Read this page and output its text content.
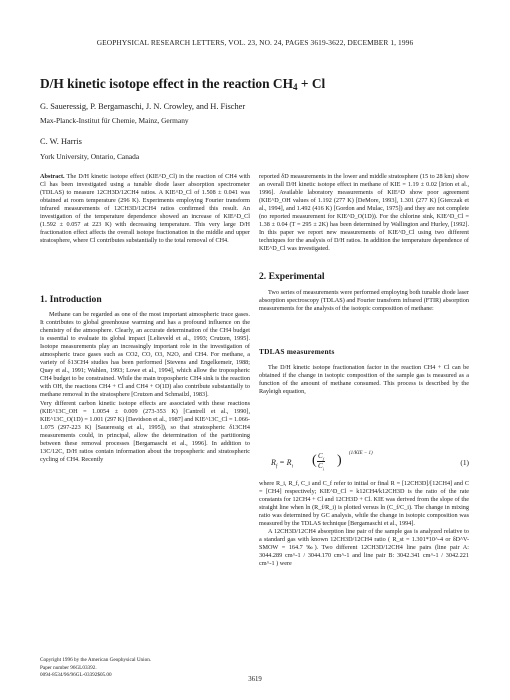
GEOPHYSICAL RESEARCH LETTERS, VOL. 23, NO. 24, PAGES 3619-3622, DECEMBER 1, 1996
D/H kinetic isotope effect in the reaction $CH_4 + Cl$
G. Saueressig, P. Bergamaschi, J. N. Crowley, and H. Fischer
Max-Planck-Institut für Chemie, Mainz, Germany
C. W. Harris
York University, Ontario, Canada

Abstract. The D/H kinetic isotope effect (KIE^D_Cl) in the reaction of CH4 with Cl has been investigated using a tunable diode laser absorption spectrometer (TDLAS) to measure 12CH3D/12CH4 ratios. A KIE^D_Cl of 1.508 ± 0.041 was obtained at room temperature (296 K). Experiments employing Fourier transform infrared measurements of 12CH3D/12CH4 ratios confirmed this result. An investigation of the temperature dependence showed an increase of KIE^D_Cl (1.592 ± 0.057 at 223 K) with decreasing temperature. This very large D/H fractionation effect affects the overall isotope fractionation in the middle and upper stratosphere, where Cl contributes substantially to the total removal of CH4.

1. Introduction

Methane can be regarded as one of the most important atmospheric trace gases. It contributes to global greenhouse warming and has a profound influence on the chemistry of the atmosphere. Clearly, an accurate determination of the CH4 budget is essential to evaluate its global impact [Lelieveld et al., 1993; Crutzen, 1995]. Isotope measurements play an increasingly important role in the investigation of atmospheric trace gases such as CO2, CO, O3, N2O, and CH4. For methane, a variety of δ13CH4 studies has been performed [Stevens and Engelkemeir, 1988; Quay et al., 1991; Wahlen, 1993; Lowe et al., 1994], which allow the tropospheric CH4 budget to be constrained. While the main tropospheric CH4 sink is the reaction with OH, the reactions CH4 + Cl and CH4 + O(1D) also contribute substantially to methane removal in the stratosphere [Crutzen and Schmailzl, 1983].

Very different carbon kinetic isotope effects are associated with these reactions (KIE^13C_OH = 1.0054 ± 0.009 (273-353 K) [Cantrell et al., 1990], KIE^13C_O(1D) = 1.001 (297 K) [Davidson et al., 1987] and KIE^13C_Cl = 1.066-1.075 (297-223 K) [Saueressig et al., 1995]), so that stratospheric δ13CH4 measurements could, in principal, allow the determination of the partitioning between these removal processes [Bergamaschi et al., 1996]. In addition to 13C/12C, D/H ratios contain information about the tropospheric and stratospheric cycling of CH4. Recently

Copyright 1996 by the American Geophysical Union.
Paper number 96GL03392.
0094-8534/96/96GL-03392$05.00

reported δD measurements in the lower and middle stratosphere (15 to 28 km) show an overall D/H kinetic isotope effect in methane of KIE = 1.19 ± 0.02 [Irion et al., 1996]. Available laboratory measurements of KIE^D show poor agreement (KIE^D_OH values of 1.192 (277 K) [DeMore, 1993], 1.301 (277 K) [Gierczak et al., 1994], and 1.492 (416 K) [Gordon and Mulac, 1975]) and they are not complete (no reported measurement for KIE^D_O(1D)). For the chlorine sink, KIE^D_Cl = 1.38 ± 0.04 (T = 295 ± 2K) has been determined by Wallington and Hurley, [1992]. In this paper we report new measurements of KIE^D_Cl using two different techniques for the analysis of D/H ratios. In addition the temperature dependence of KIE^D_Cl was investigated.

2. Experimental

Two series of measurements were performed employing both tunable diode laser absorption spectroscopy (TDLAS) and Fourier transform infrared (FTIR) absorption measurements for the analysis of the isotopic composition of methane:

TDLAS measurements

The D/H kinetic isotope fractionation factor in the reaction CH4 + Cl can be obtained if the change in isotopic composition of the sample gas is measured as a function of the amount of methane consumed. This process is described by the Rayleigh equation,

$R_f = R_i$ ( $\frac{C_f}{C_i}$ ) (1/KIE − 1)
(1)

where R_i, R_f, C_i and C_f refer to initial or final R = [12CH3D]/[12CH4] and C = [CH4] respectively; KIE^D_Cl = k12CH4/k12CH3D is the ratio of the rate constants for 12CH4 + Cl and 12CH3D + Cl. KIE was derived from the slope of the straight line when ln (R_f/R_i) is plotted versus ln (C_f/C_i). The change in mixing ratio was determined by GC analysis, while the change in isotopic composition was measured by the TDLAS technique [Bergamaschi et al., 1994].

A 12CH3D/12CH4 absorption line pair of the sample gas is analyzed relative to a standard gas with known 12CH3D/12CH4 ratio ( R_st = 1.301*10^-4 or δD^V-SMOW = 164.7 ‰). Two different 12CH3D/12CH4 line pairs (line pair A: 3044.289 cm^-1 / 3044.170 cm^-1 and line pair B: 3042.341 cm^-1 / 3042.221 cm^-1 ) were

3619
